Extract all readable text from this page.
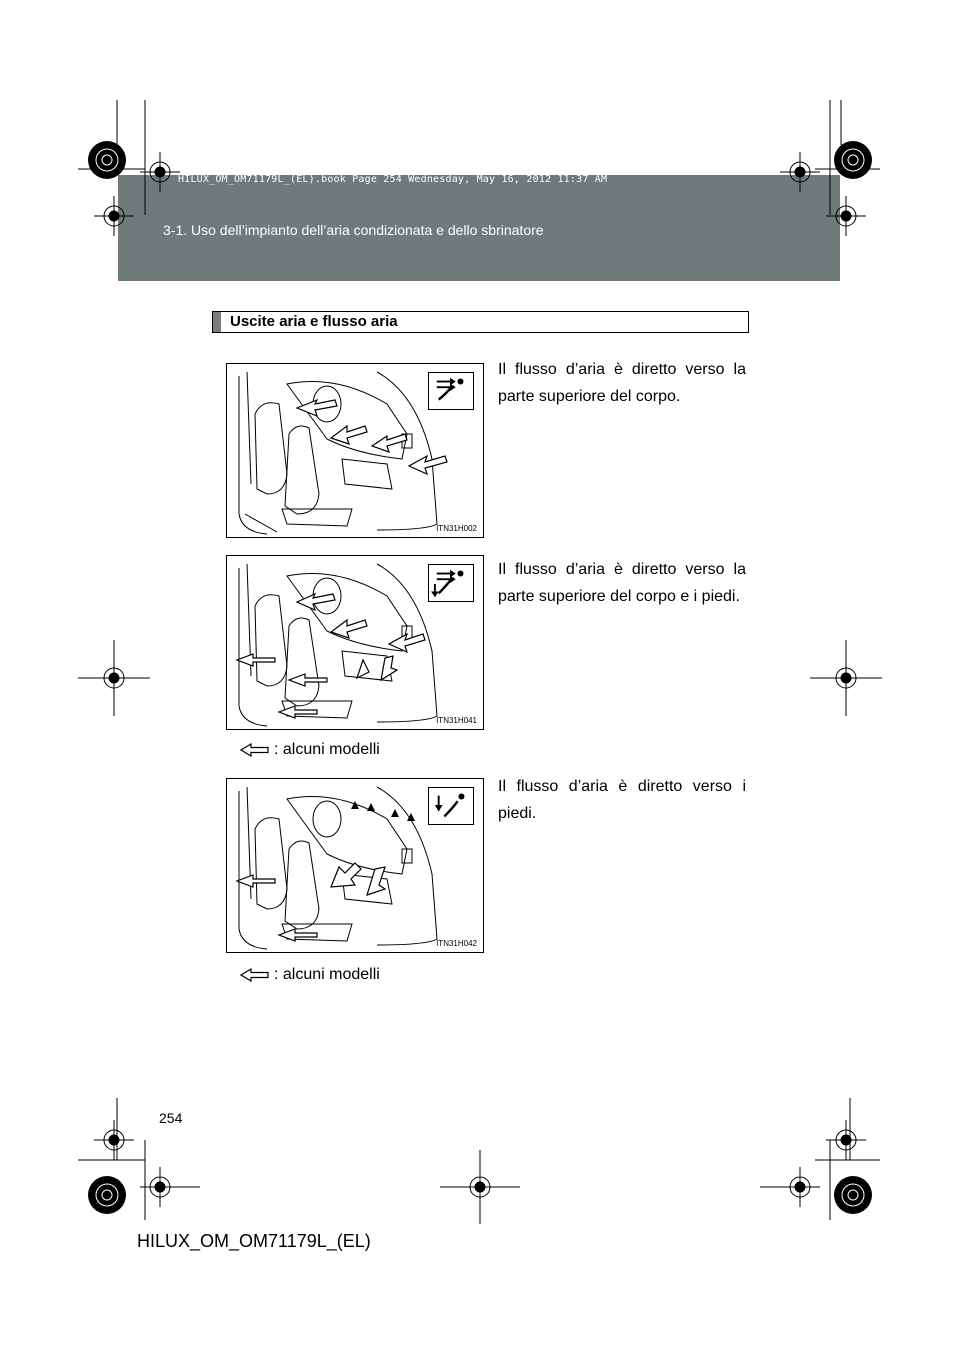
HILUX_OM_OM71179L_(EL).book Page 254 Wednesday, May 16, 2012 11:37 AM
3-1. Uso dell’impianto dell’aria condizionata e dello sbrinatore
Uscite aria e flusso aria
ITN31H002
Il flusso d’aria è diretto verso la parte superiore del corpo.
ITN31H041
Il flusso d’aria è diretto verso la parte superiore del corpo e i piedi.
: alcuni modelli
ITN31H042
Il flusso d’aria è diretto verso i piedi.
: alcuni modelli
254
HILUX_OM_OM71179L_(EL)
